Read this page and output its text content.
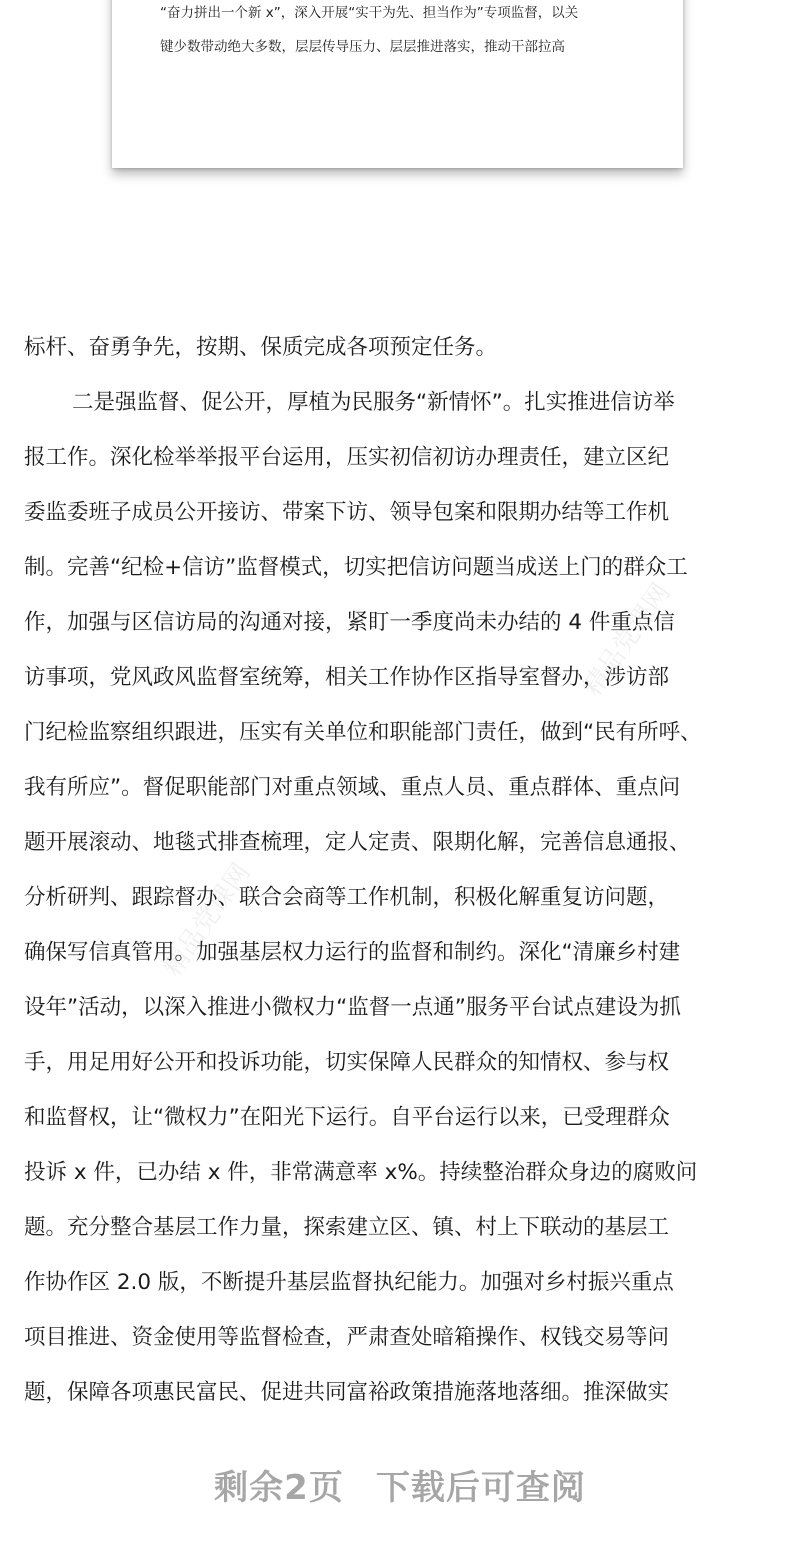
“奋力拼出一个新 x”，深入开展“实干为先、担当作为”专项监督，以关
键少数带动绝大多数，层层传导压力、层层推进落实，推动干部拉高
精品党课网
精品党课网
标杆、奋勇争先，按期、保质完成各项预定任务。
二是强监督、促公开，厚植为民服务“新情怀”。扎实推进信访举
报工作。深化检举举报平台运用，压实初信初访办理责任，建立区纪
委监委班子成员公开接访、带案下访、领导包案和限期办结等工作机
制。完善“纪检+信访”监督模式，切实把信访问题当成送上门的群众工
作，加强与区信访局的沟通对接，紧盯一季度尚未办结的 4 件重点信
访事项，党风政风监督室统筹，相关工作协作区指导室督办，涉访部
门纪检监察组织跟进，压实有关单位和职能部门责任，做到“民有所呼、
我有所应”。督促职能部门对重点领域、重点人员、重点群体、重点问
题开展滚动、地毯式排查梳理，定人定责、限期化解，完善信息通报、
分析研判、跟踪督办、联合会商等工作机制，积极化解重复访问题，
确保写信真管用。加强基层权力运行的监督和制约。深化“清廉乡村建
设年”活动，以深入推进小微权力“监督一点通”服务平台试点建设为抓
手，用足用好公开和投诉功能，切实保障人民群众的知情权、参与权
和监督权，让“微权力”在阳光下运行。自平台运行以来，已受理群众
投诉 x 件，已办结 x 件，非常满意率 x%。持续整治群众身边的腐败问
题。充分整合基层工作力量，探索建立区、镇、村上下联动的基层工
作协作区 2.0 版，不断提升基层监督执纪能力。加强对乡村振兴重点
项目推进、资金使用等监督检查，严肃查处暗箱操作、权钱交易等问
题，保障各项惠民富民、促进共同富裕政策措施落地落细。推深做实
剩余2页 下载后可查阅
